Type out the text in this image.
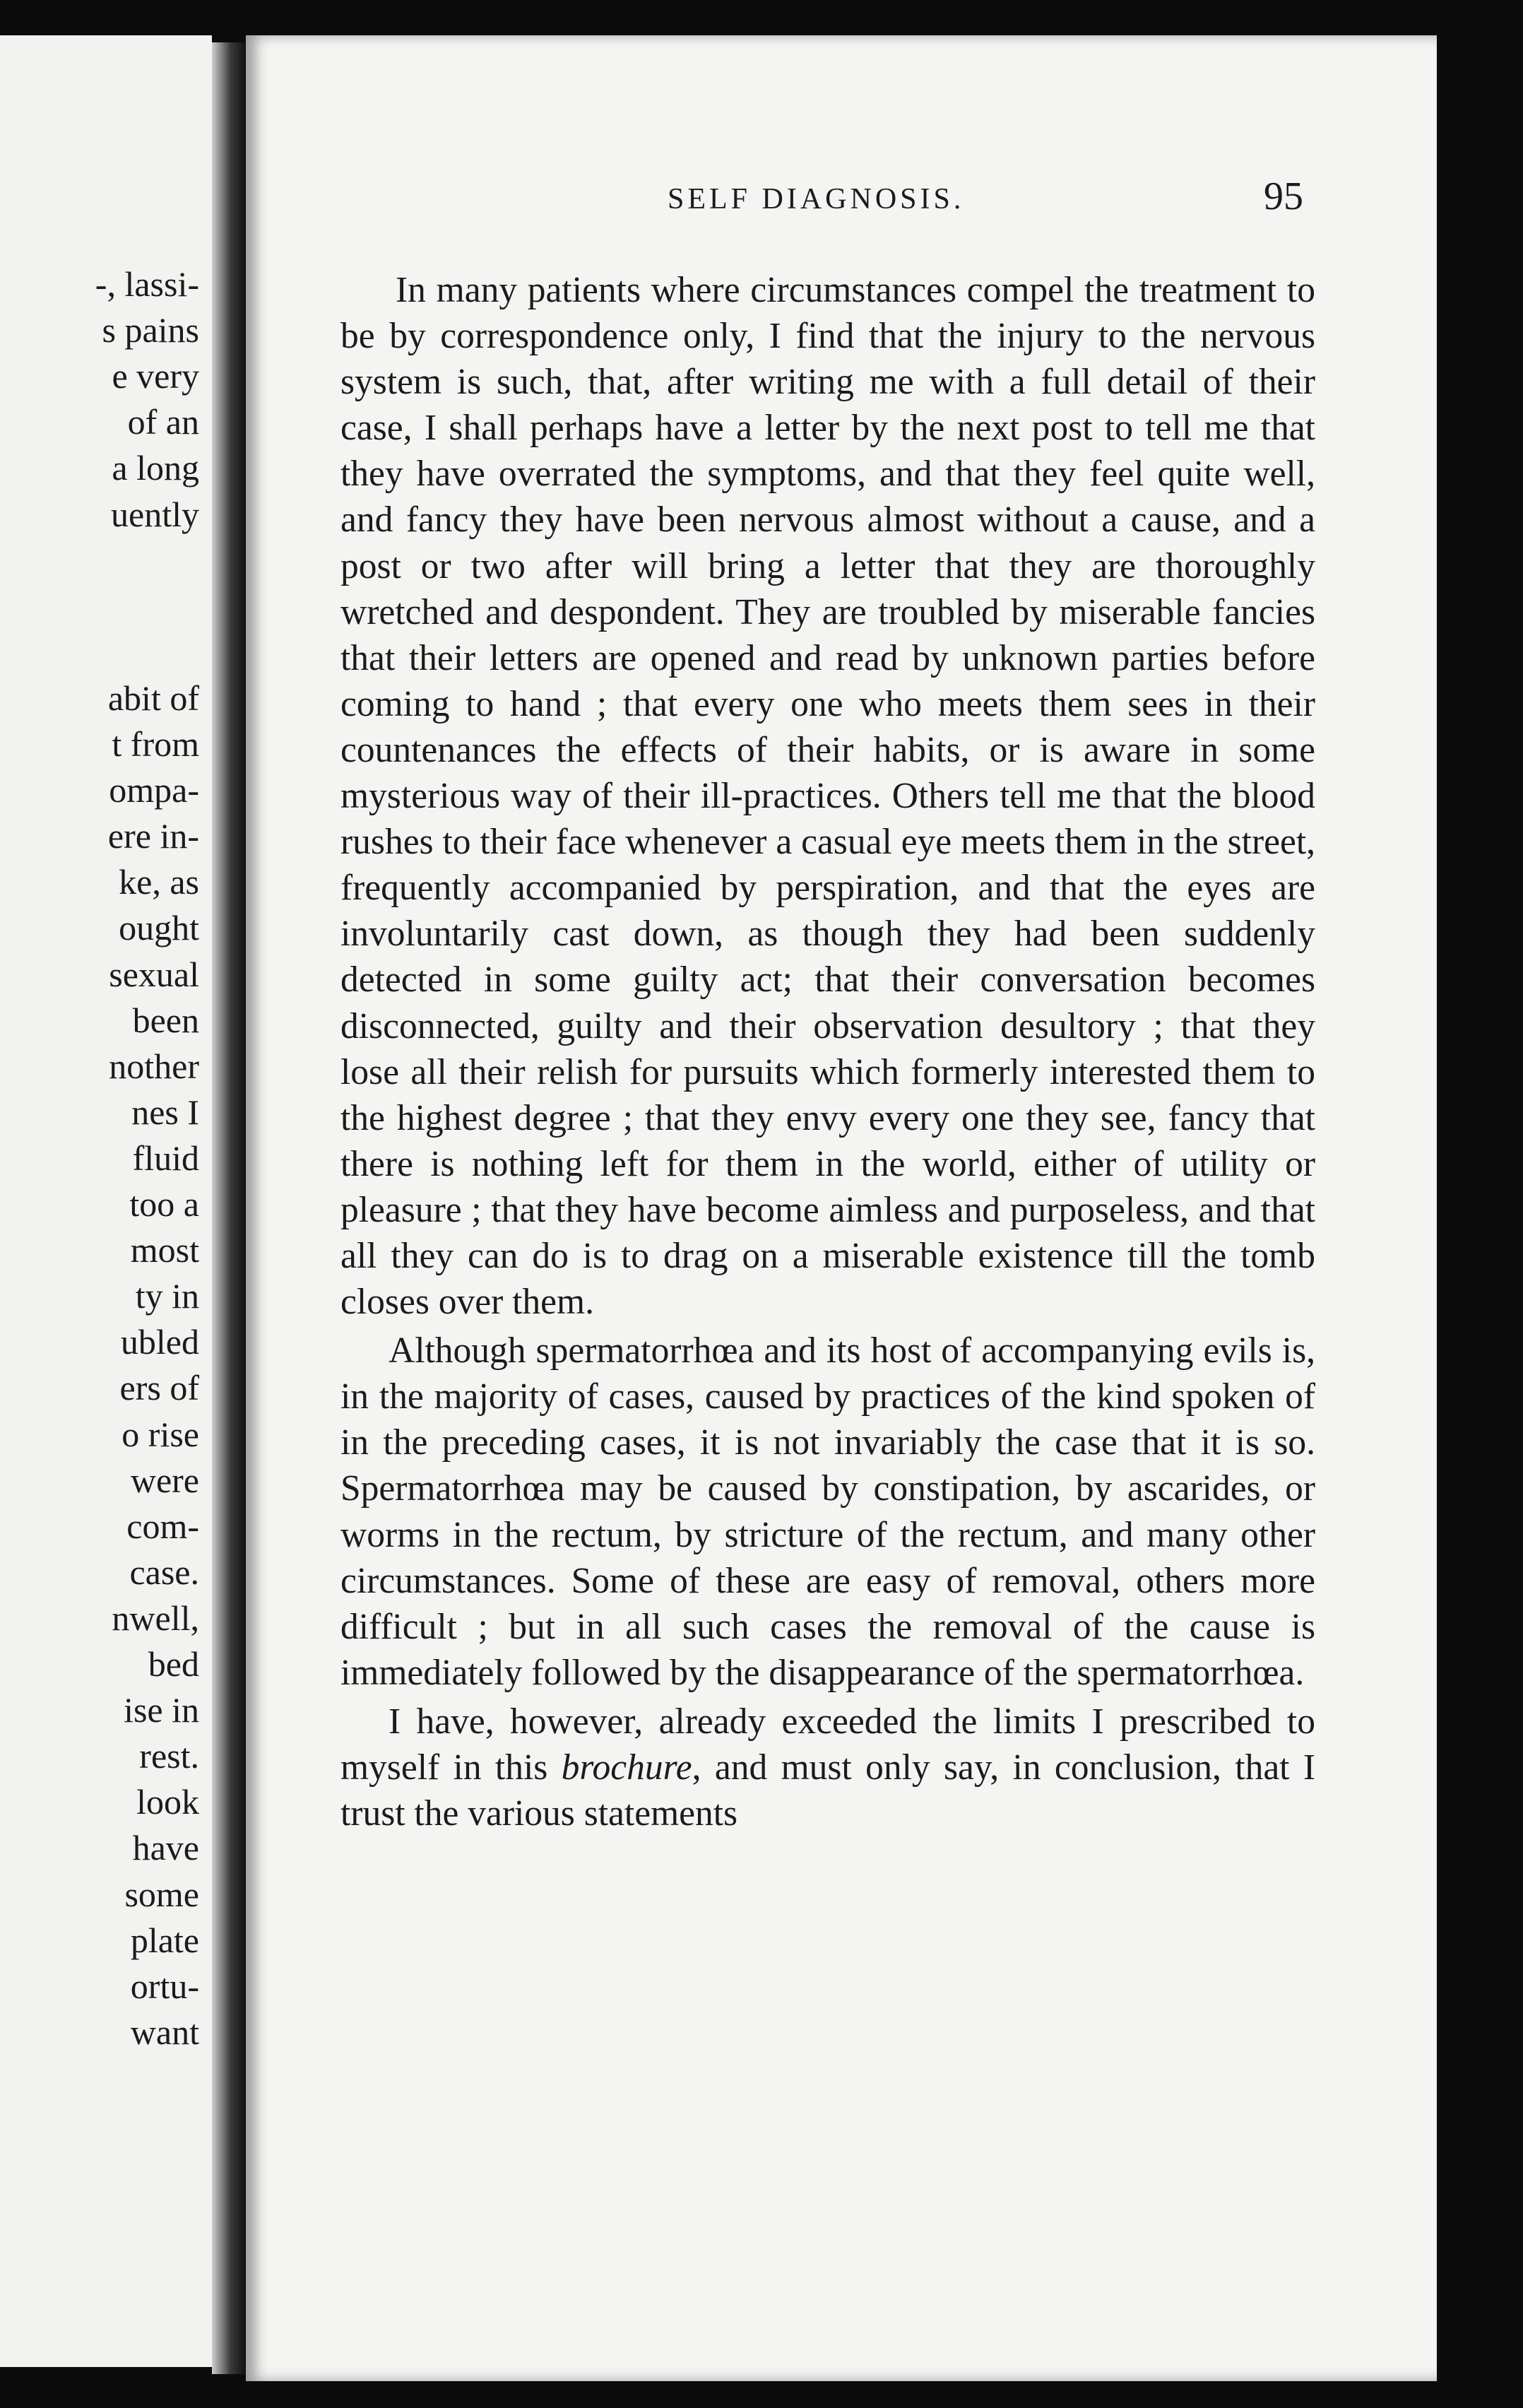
-, lassi-
s pains
e very
of an
a long
uently
abit of
t from
ompa-
ere in-
ke, as
ought
sexual
been
nother
nes I
fluid
too a
most
ty in
ubled
ers of
o rise
were
com-
case.
nwell,
bed
ise in
rest.
look
have
some
plate
ortu-
want
SELF DIAGNOSIS.	95

In many patients where circumstances compel the treatment to be by correspondence only, I find that the injury to the nervous system is such, that, after writing me with a full detail of their case, I shall perhaps have a letter by the next post to tell me that they have overrated the symptoms, and that they feel quite well, and fancy they have been nervous almost without a cause, and a post or two after will bring a letter that they are thoroughly wretched and despondent. They are troubled by miserable fancies that their letters are opened and read by unknown parties before coming to hand ; that every one who meets them sees in their countenances the effects of their habits, or is aware in some mysterious way of their ill-practices. Others tell me that the blood rushes to their face whenever a casual eye meets them in the street, frequently accompanied by perspiration, and that the eyes are involuntarily cast down, as though they had been suddenly detected in some guilty act; that their conversation becomes disconnected, guilty and their observation desultory ; that they lose all their relish for pursuits which formerly interested them to the highest degree ; that they envy every one they see, fancy that there is nothing left for them in the world, either of utility or pleasure ; that they have become aimless and purposeless, and that all they can do is to drag on a miserable existence till the tomb closes over them.

Although spermatorrhœa and its host of accompanying evils is, in the majority of cases, caused by practices of the kind spoken of in the preceding cases, it is not invariably the case that it is so. Spermatorrhœa may be caused by constipation, by ascarides, or worms in the rectum, by stricture of the rectum, and many other circumstances. Some of these are easy of removal, others more difficult ; but in all such cases the removal of the cause is immediately followed by the disappearance of the spermatorrhœa.

I have, however, already exceeded the limits I prescribed to myself in this brochure, and must only say, in conclusion, that I trust the various statements
